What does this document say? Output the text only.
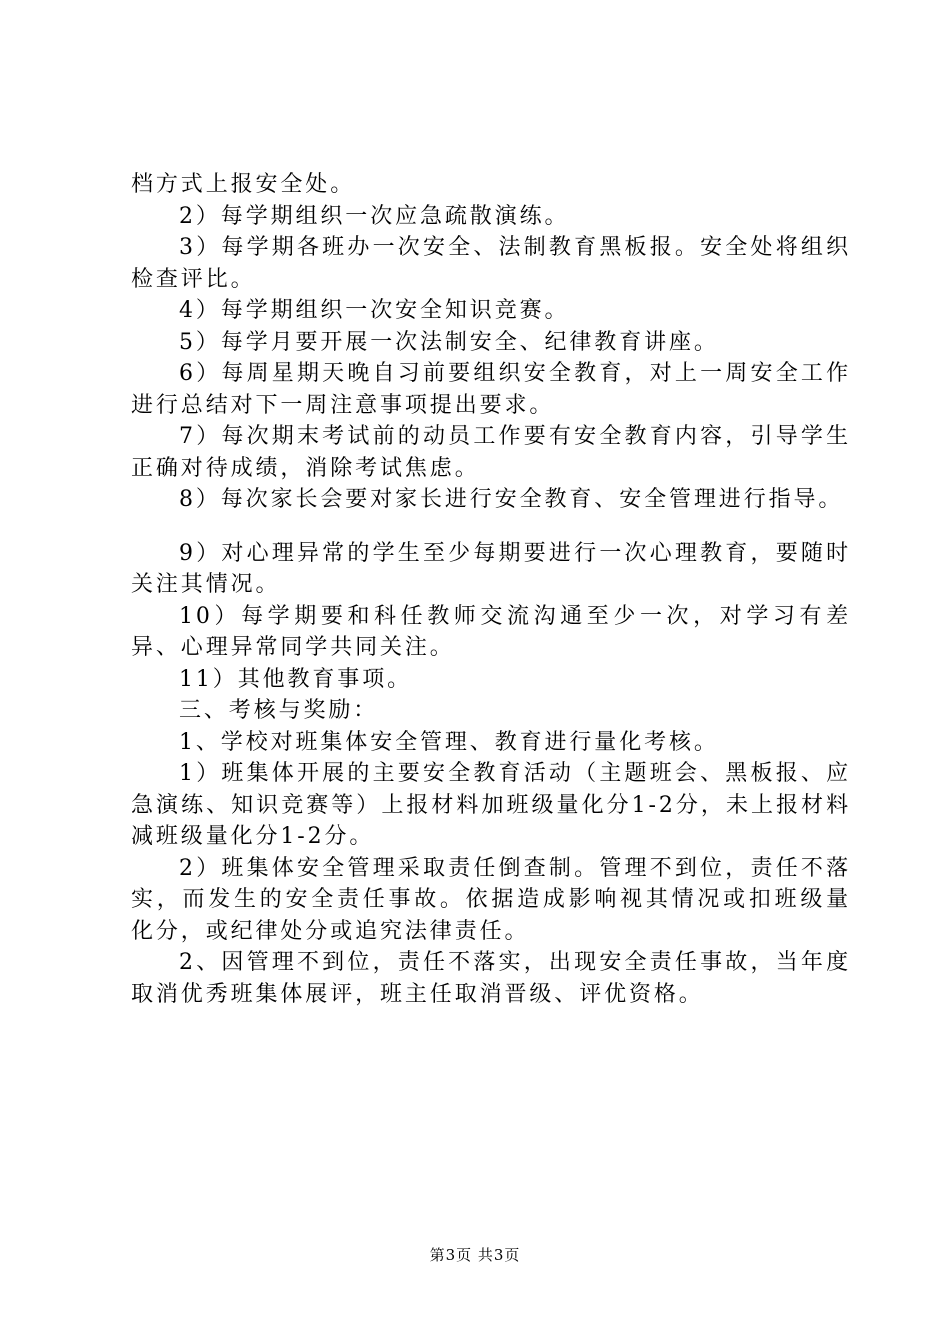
档方式上报安全处。

2）每学期组织一次应急疏散演练。

3）每学期各班办一次安全、法制教育黑板报。安全处将组织检查评比。

4）每学期组织一次安全知识竞赛。

5）每学月要开展一次法制安全、纪律教育讲座。

6）每周星期天晚自习前要组织安全教育，对上一周安全工作进行总结对下一周注意事项提出要求。

7）每次期末考试前的动员工作要有安全教育内容，引导学生正确对待成绩，消除考试焦虑。

8）每次家长会要对家长进行安全教育、安全管理进行指导。

9）对心理异常的学生至少每期要进行一次心理教育，要随时关注其情况。

10）每学期要和科任教师交流沟通至少一次，对学习有差异、心理异常同学共同关注。

11）其他教育事项。

三、考核与奖励：

1、学校对班集体安全管理、教育进行量化考核。

1）班集体开展的主要安全教育活动（主题班会、黑板报、应急演练、知识竞赛等）上报材料加班级量化分1-2分，未上报材料减班级量化分1-2分。

2）班集体安全管理采取责任倒查制。管理不到位，责任不落实，而发生的安全责任事故。依据造成影响视其情况或扣班级量化分，或纪律处分或追究法律责任。

2、因管理不到位，责任不落实，出现安全责任事故，当年度取消优秀班集体展评，班主任取消晋级、评优资格。

第3页 共3页
